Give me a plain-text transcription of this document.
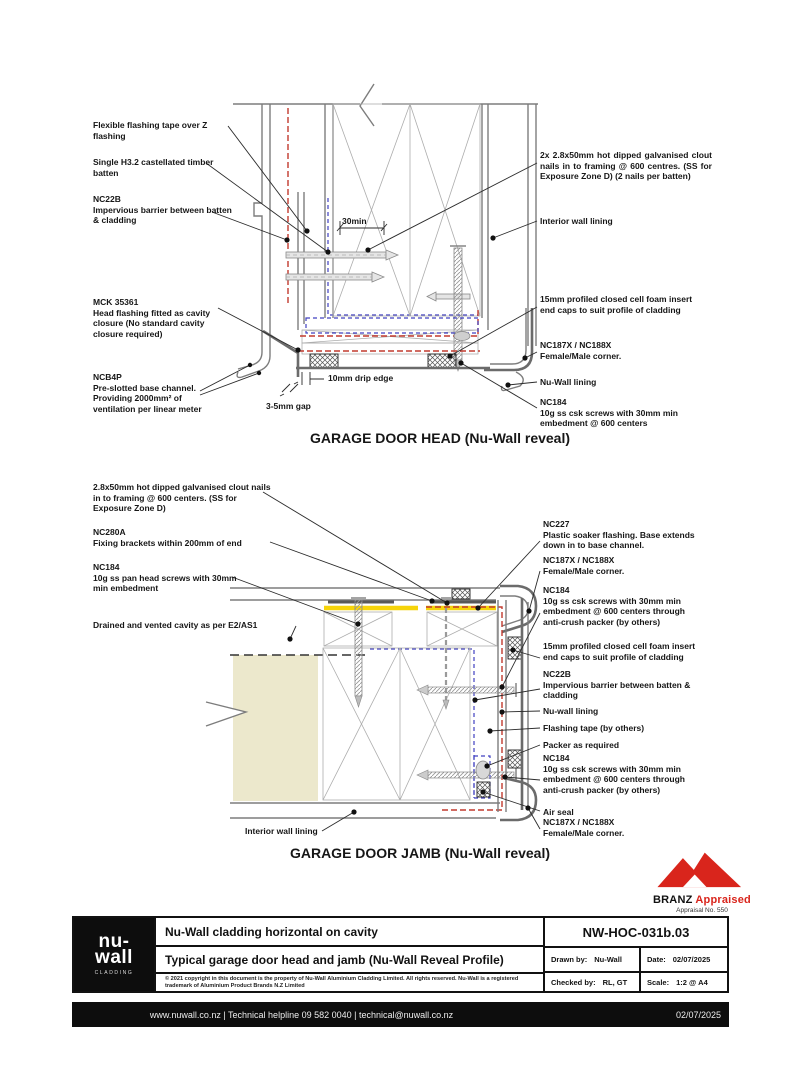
Flexible flashing tape over Z flashing
Single H3.2 castellated timber batten
NC22B
Impervious barrier between batten & cladding
MCK 35361
Head flashing fitted as cavity closure (No standard cavity closure required)
NCB4P
Pre-slotted base channel. Providing 2000mm² of ventilation per linear meter
2x 2.8x50mm hot dipped galvanised clout nails in to framing @ 600 centres. (SS for Exposure Zone D) (2 nails per batten)
Interior wall lining
15mm profiled closed cell foam insert end caps to suit profile of cladding
NC187X / NC188X
Female/Male corner.
Nu-Wall lining
NC184
10g ss csk screws with 30mm min embedment @ 600 centers
30min
10mm drip edge
3-5mm gap
GARAGE DOOR HEAD (Nu-Wall reveal)
2.8x50mm hot dipped galvanised clout nails in to framing @ 600 centers. (SS for Exposure Zone D)
NC280A
Fixing brackets within 200mm of end
NC184
10g ss pan head screws with 30mm min embedment
Drained and vented cavity as per E2/AS1
Interior wall lining
NC227
Plastic soaker flashing. Base extends down in to base channel.
NC187X / NC188X
Female/Male corner.
NC184
10g ss csk screws with 30mm min embedment @ 600 centers through anti-crush packer (by others)
15mm profiled closed cell foam insert end caps to suit profile of cladding
NC22B
Impervious barrier between batten & cladding
Nu-wall lining
Flashing tape (by others)
Packer as required
NC184
10g ss csk screws with 30mm min embedment @ 600 centers through anti-crush packer (by others)
Air seal
NC187X / NC188X
Female/Male corner.
GARAGE DOOR JAMB (Nu-Wall reveal)
BRANZ Appraised
Appraisal No. 550
nu-
wall
CLADDING
Nu-Wall cladding horizontal on cavity
Typical garage door head and jamb (Nu-Wall Reveal Profile)
© 2021 copyright in this document is the property of Nu-Wall Aluminium Cladding Limited. All rights reserved. Nu-Wall is a registered trademark of Aluminium Product Brands N.Z Limited
NW-HOC-031b.03
Drawn by: Nu-Wall	Date: 02/07/2025
Checked by: RL, GT	Scale: 1:2 @ A4
www.nuwall.co.nz | Technical helpline 09 582 0040 | technical@nuwall.co.nz	02/07/2025
